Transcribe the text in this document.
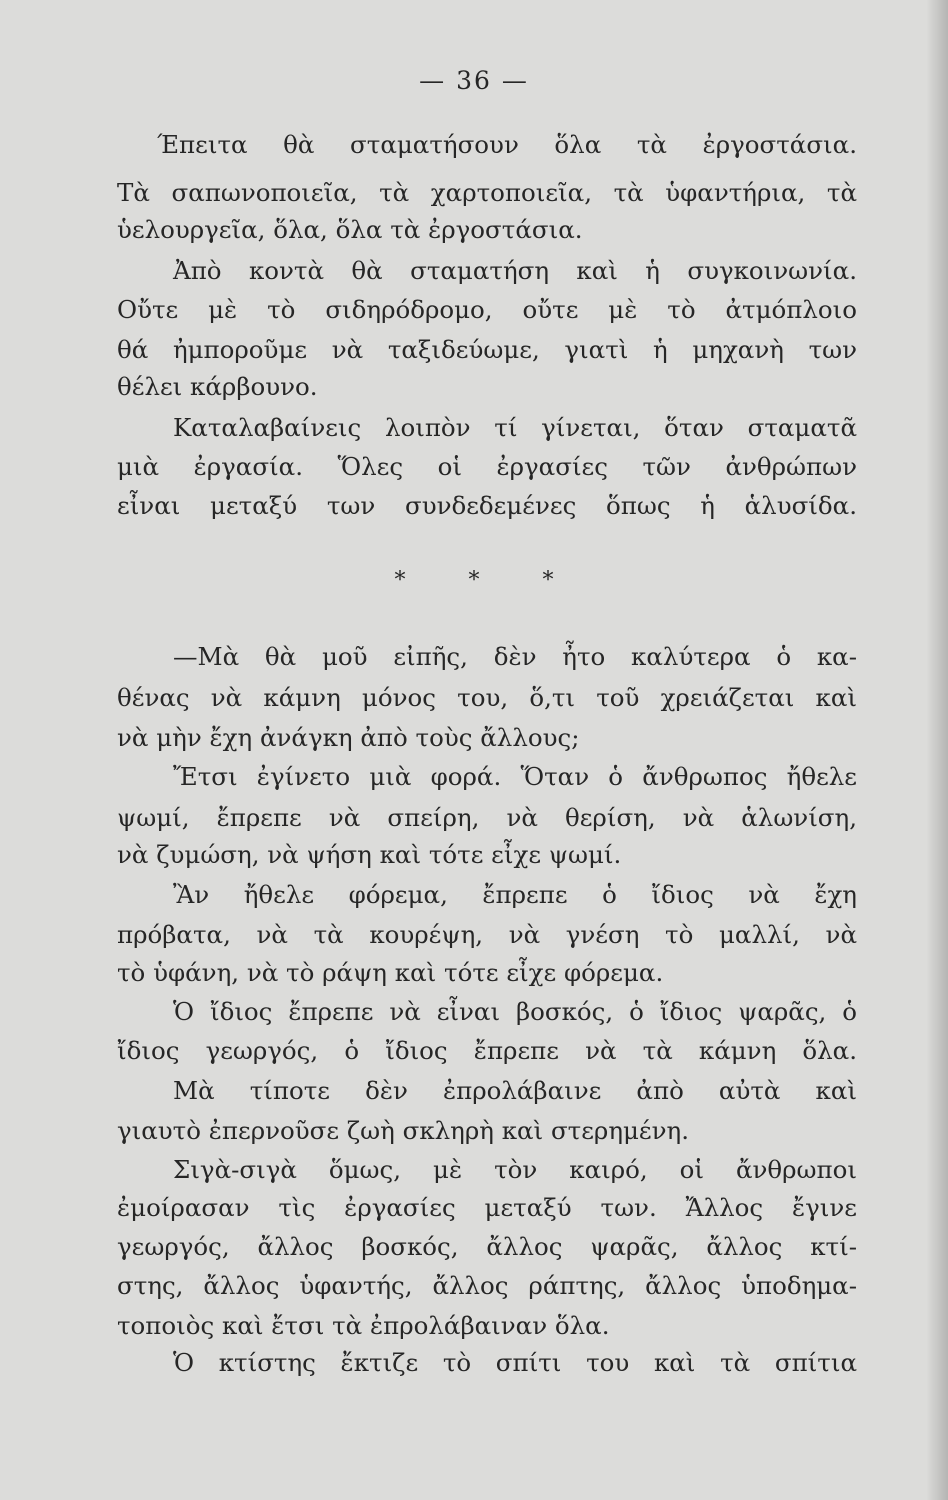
— 36 —
Έπειτα θὰ σταματήσουν ὅλα τὰ ἐργοστάσια.
Τὰ σαπωνοποιεῖα, τὰ χαρτοποιεῖα, τὰ ὑφαντήρια, τὰ
ὑελουργεῖα, ὅλα, ὅλα τὰ ἐργοστάσια.
Ἀπὸ κοντὰ θὰ σταματήση καὶ ἡ συγκοινωνία.
Οὔτε μὲ τὸ σιδηρόδρομο, οὔτε μὲ τὸ ἀτμόπλοιο
θά ἠμποροῦμε νὰ ταξιδεύωμε, γιατὶ ἡ μηχανὴ των
θέλει κάρβουνο.
Καταλαβαίνεις λοιπὸν τί γίνεται, ὅταν σταματᾶ
μιὰ ἐργασία. Ὅλες οἱ ἐργασίες τῶν ἀνθρώπων
εἶναι μεταξύ των συνδεδεμένες ὅπως ἡ ἁλυσίδα.
* * *
—Μὰ θὰ μοῦ εἰπῆς, δὲν ἦτο καλύτερα ὁ κα-
θένας νὰ κάμνη μόνος του, ὅ,τι τοῦ χρειάζεται καὶ
νὰ μὴν ἔχη ἀνάγκη ἀπὸ τοὺς ἄλλους;
Ἔτσι ἐγίνετο μιὰ φορά. Ὅταν ὁ ἄνθρωπος ἤθελε
ψωμί, ἔπρεπε νὰ σπείρη, νὰ θερίση, νὰ ἁλωνίση,
νὰ ζυμώση, νὰ ψήση καὶ τότε εἶχε ψωμί.
Ἂν ἤθελε φόρεμα, ἔπρεπε ὁ ἴδιος νὰ ἔχη
πρόβατα, νὰ τὰ κουρέψη, νὰ γνέση τὸ μαλλί, νὰ
τὸ ὑφάνη, νὰ τὸ ράψη καὶ τότε εἶχε φόρεμα.
Ὁ ἴδιος ἔπρεπε νὰ εἶναι βοσκός, ὁ ἴδιος ψαρᾶς, ὁ
ἴδιος γεωργός, ὁ ἴδιος ἔπρεπε νὰ τὰ κάμνη ὅλα.
Μὰ τίποτε δὲν ἐπρολάβαινε ἀπὸ αὐτὰ καὶ
γιαυτὸ ἐπερνοῦσε ζωὴ σκληρὴ καὶ στερημένη.
Σιγὰ-σιγὰ ὅμως, μὲ τὸν καιρό, οἱ ἄνθρωποι
ἐμοίρασαν τὶς ἐργασίες μεταξύ των. Ἄλλος ἔγινε
γεωργός, ἄλλος βοσκός, ἄλλος ψαρᾶς, ἄλλος κτί-
στης, ἄλλος ὑφαντής, ἄλλος ράπτης, ἄλλος ὑποδημα-
τοποιὸς καὶ ἔτσι τὰ ἐπρολάβαιναν ὅλα.
Ὁ κτίστης ἔκτιζε τὸ σπίτι του καὶ τὰ σπίτια
